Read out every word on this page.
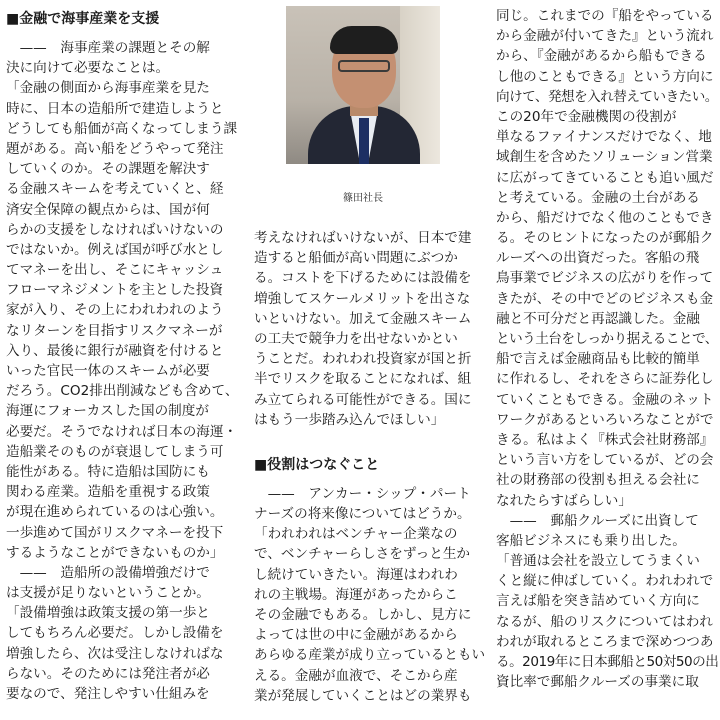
■金融で海事産業を支援
　——　海事産業の課題とその解
決に向けて必要なことは。
「金融の側面から海事産業を見た
時に、日本の造船所で建造しようと
どうしても船価が高くなってしまう課
題がある。高い船をどうやって発注
していくのか。その課題を解決す
る金融スキームを考えていくと、経
済安全保障の観点からは、国が何
らかの支援をしなければいけないの
ではないか。例えば国が呼び水とし
てマネーを出し、そこにキャッシュ
フローマネジメントを主とした投資
家が入り、その上にわれわれのよう
なリターンを目指すリスクマネーが
入り、最後に銀行が融資を付けると
いった官民一体のスキームが必要
だろう。CO2排出削減なども含めて、
海運にフォーカスした国の制度が
必要だ。そうでなければ日本の海運・
造船業そのものが衰退してしまう可
能性がある。特に造船は国防にも
関わる産業。造船を重視する政策
が現在進められているのは心強い。
一歩進めて国がリスクマネーを投下
するようなことができないものか」
　——　造船所の設備増強だけで
は支援が足りないということか。
「設備増強は政策支援の第一歩と
してもちろん必要だ。しかし設備を
増強したら、次は受注しなければな
らない。そのためには発注者が必
要なので、発注しやすい仕組みを
篠田社長
考えなければいけないが、日本で建
造すると船価が高い問題にぶつか
る。コストを下げるためには設備を
増強してスケールメリットを出さな
いといけない。加えて金融スキーム
の工夫で競争力を出せないかとい
うことだ。われわれ投資家が国と折
半でリスクを取ることになれば、組
み立てられる可能性ができる。国に
はもう一歩踏み込んでほしい」
■役割はつなぐこと
　——　アンカー・シップ・パート
ナーズの将来像についてはどうか。
「われわれはベンチャー企業なの
で、ベンチャーらしさをずっと生か
し続けていきたい。海運はわれわ
れの主戦場。海運があったからこ
その金融でもある。しかし、見方に
よっては世の中に金融があるから
あらゆる産業が成り立っているともい
える。金融が血液で、そこから産
業が発展していくことはどの業界も
同じ。これまでの『船をやっている
から金融が付いてきた』という流れ
から、『金融があるから船もできる
し他のこともできる』という方向に
向けて、発想を入れ替えていきたい。
この20年で金融機関の役割が
単なるファイナンスだけでなく、地
域創生を含めたソリューション営業
に広がってきていることも追い風だ
と考えている。金融の土台がある
から、船だけでなく他のこともでき
る。そのヒントになったのが郵船ク
ルーズへの出資だった。客船の飛
鳥事業でビジネスの広がりを作って
きたが、その中でどのビジネスも金
融と不可分だと再認識した。金融
という土台をしっかり据えることで、
船で言えば金融商品も比較的簡単
に作れるし、それをさらに証券化し
ていくこともできる。金融のネット
ワークがあるといろいろなことがで
きる。私はよく『株式会社財務部』
という言い方をしているが、どの会
社の財務部の役割も担える会社に
なれたらすばらしい」
　——　郵船クルーズに出資して
客船ビジネスにも乗り出した。
「普通は会社を設立してうまくい
くと縦に伸ばしていく。われわれで
言えば船を突き詰めていく方向に
なるが、船のリスクについてはわれ
われが取れるところまで深めつつあ
る。2019年に日本郵船と50対50の出
資比率で郵船クルーズの事業に取
